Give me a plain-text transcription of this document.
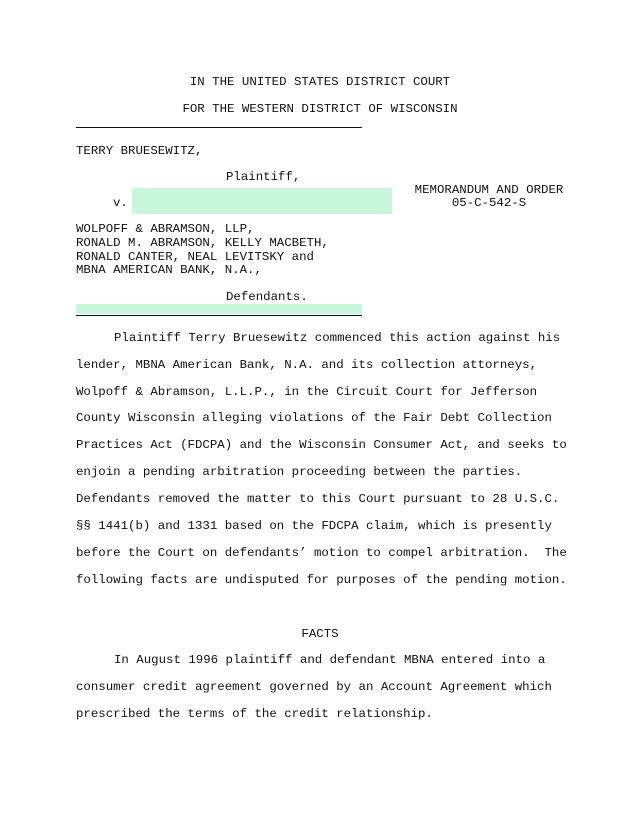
IN THE UNITED STATES DISTRICT COURT
FOR THE WESTERN DISTRICT OF WISCONSIN
TERRY BRUESEWITZ,
Plaintiff,
v.
MEMORANDUM AND ORDER
05-C-542-S
WOLPOFF & ABRAMSON, LLP,
RONALD M. ABRAMSON, KELLY MACBETH,
RONALD CANTER, NEAL LEVITSKY and
MBNA AMERICAN BANK, N.A.,
Defendants.
Plaintiff Terry Bruesewitz commenced this action against his
lender, MBNA American Bank, N.A. and its collection attorneys,
Wolpoff & Abramson, L.L.P., in the Circuit Court for Jefferson
County Wisconsin alleging violations of the Fair Debt Collection
Practices Act (FDCPA) and the Wisconsin Consumer Act, and seeks to
enjoin a pending arbitration proceeding between the parties.
Defendants removed the matter to this Court pursuant to 28 U.S.C.
§§ 1441(b) and 1331 based on the FDCPA claim, which is presently
before the Court on defendants’ motion to compel arbitration.  The
following facts are undisputed for purposes of the pending motion.
FACTS
In August 1996 plaintiff and defendant MBNA entered into a
consumer credit agreement governed by an Account Agreement which
prescribed the terms of the credit relationship.
